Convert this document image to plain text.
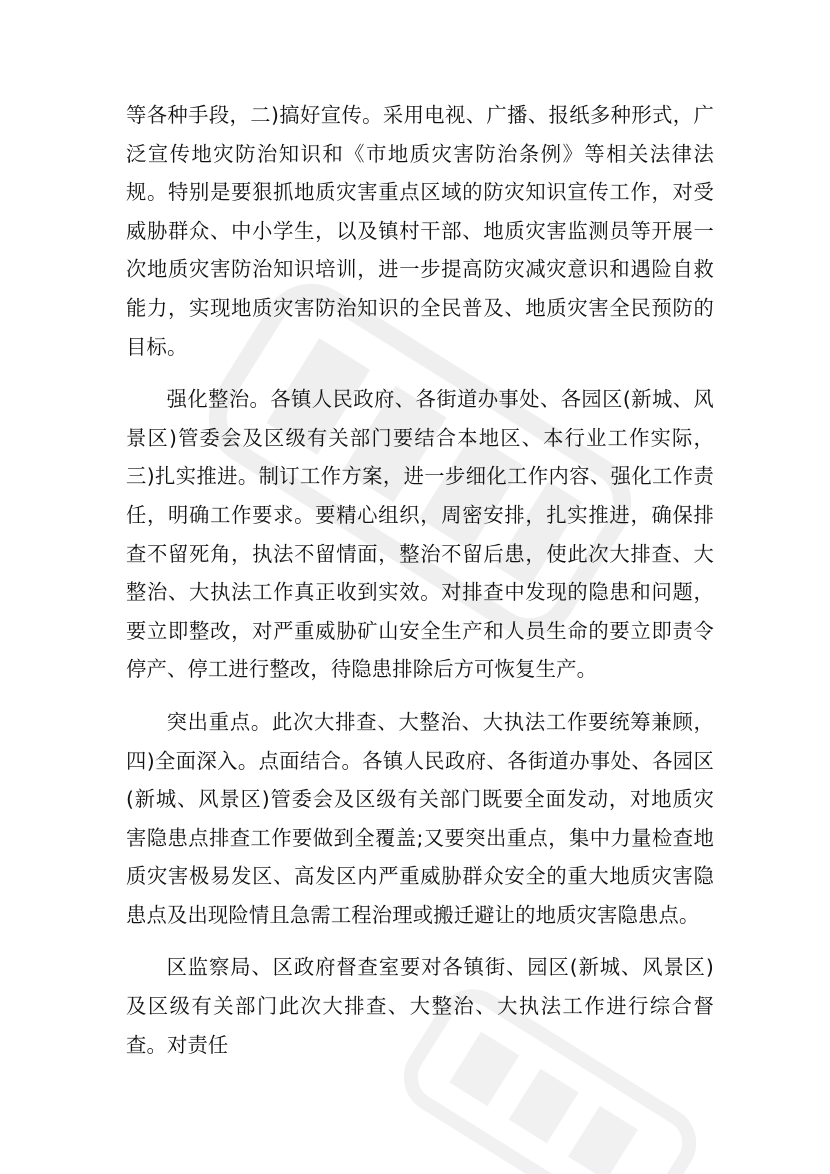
等各种手段，二)搞好宣传。采用电视、广播、报纸多种形式，广泛宣传地灾防治知识和《市地质灾害防治条例》等相关法律法规。特别是要狠抓地质灾害重点区域的防灾知识宣传工作，对受威胁群众、中小学生，以及镇村干部、地质灾害监测员等开展一次地质灾害防治知识培训，进一步提高防灾减灾意识和遇险自救能力，实现地质灾害防治知识的全民普及、地质灾害全民预防的目标。

强化整治。各镇人民政府、各街道办事处、各园区(新城、风景区)管委会及区级有关部门要结合本地区、本行业工作实际，三)扎实推进。制订工作方案，进一步细化工作内容、强化工作责任，明确工作要求。要精心组织，周密安排，扎实推进，确保排查不留死角，执法不留情面，整治不留后患，使此次大排查、大整治、大执法工作真正收到实效。对排查中发现的隐患和问题，要立即整改，对严重威胁矿山安全生产和人员生命的要立即责令停产、停工进行整改，待隐患排除后方可恢复生产。

突出重点。此次大排查、大整治、大执法工作要统筹兼顾，四)全面深入。点面结合。各镇人民政府、各街道办事处、各园区(新城、风景区)管委会及区级有关部门既要全面发动，对地质灾害隐患点排查工作要做到全覆盖;又要突出重点，集中力量检查地质灾害极易发区、高发区内严重威胁群众安全的重大地质灾害隐患点及出现险情且急需工程治理或搬迁避让的地质灾害隐患点。

区监察局、区政府督查室要对各镇街、园区(新城、风景区)及区级有关部门此次大排查、大整治、大执法工作进行综合督查。对责任
